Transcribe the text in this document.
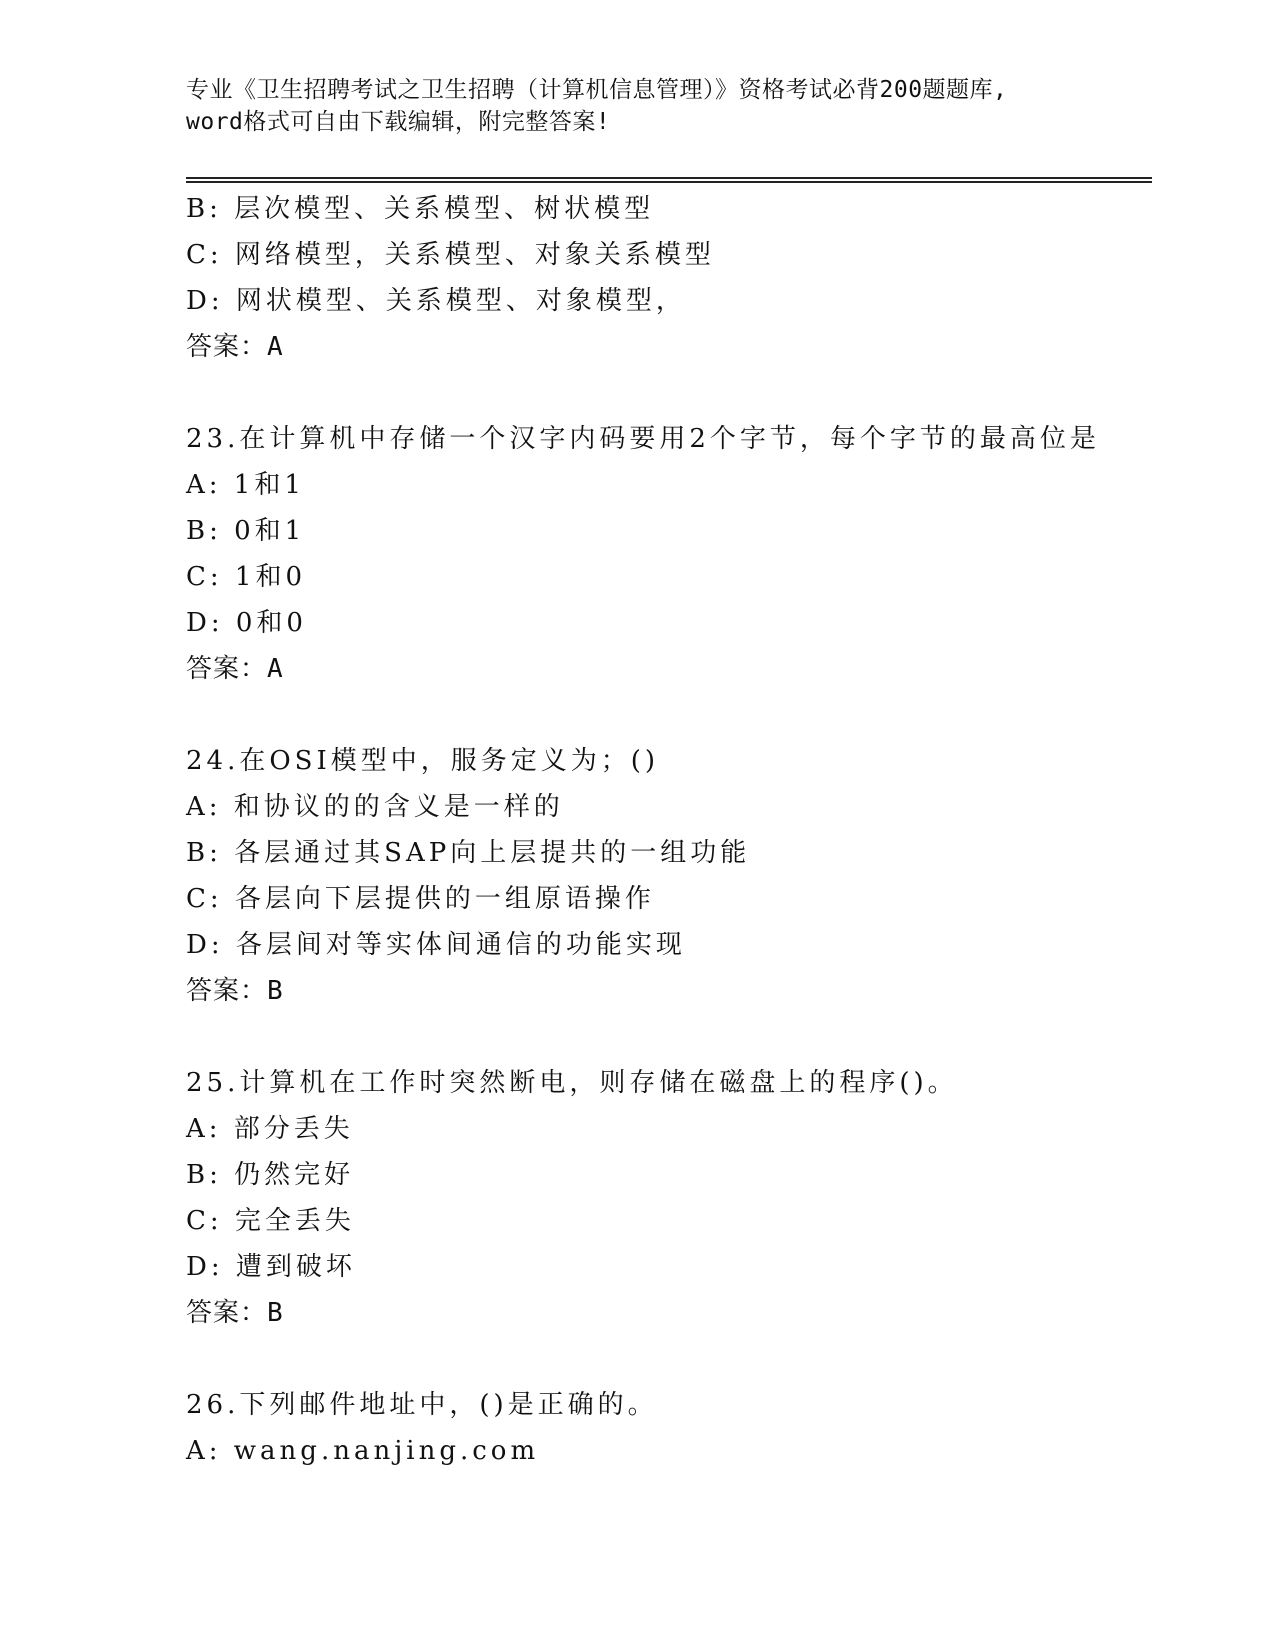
专业《卫生招聘考试之卫生招聘（计算机信息管理）》资格考试必背200题题库,
word格式可自由下载编辑，附完整答案!
B: 层次模型、关系模型、树状模型
C: 网络模型，关系模型、对象关系模型
D: 网状模型、关系模型、对象模型，
答案：A
23.在计算机中存储一个汉字内码要用2个字节，每个字节的最高位是
A: 1和1
B: 0和1
C: 1和0
D: 0和0
答案：A
24.在OSI模型中，服务定义为；()
A: 和协议的的含义是一样的
B: 各层通过其SAP向上层提共的一组功能
C: 各层向下层提供的一组原语操作
D: 各层间对等实体间通信的功能实现
答案：B
25.计算机在工作时突然断电，则存储在磁盘上的程序()。
A: 部分丢失
B: 仍然完好
C: 完全丢失
D: 遭到破坏
答案：B
26.下列邮件地址中，()是正确的。
A: wang.nanjing.com
